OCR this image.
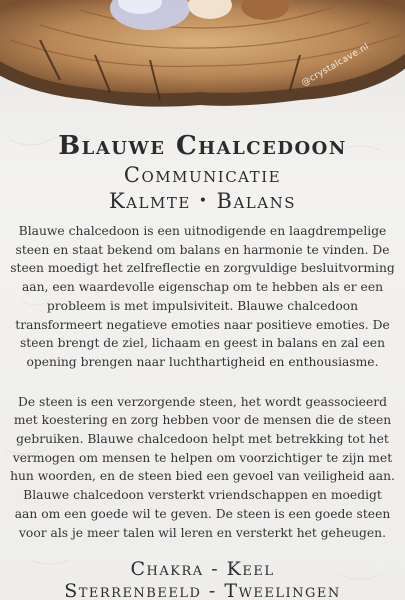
@crystalcave.nl
Blauwe Chalcedoon
Communicatie
Kalmte • Balans

Blauwe chalcedoon is een uitnodigende en laagdrempelige steen en staat bekend om balans en harmonie te vinden. De steen moedigt het zelfreflectie en zorgvuldige besluitvorming aan, een waardevolle eigenschap om te hebben als er een probleem is met impulsiviteit. Blauwe chalcedoon transformeert negatieve emoties naar positieve emoties. De steen brengt de ziel, lichaam en geest in balans en zal een opening brengen naar luchthartigheid en enthousiasme.

De steen is een verzorgende steen, het wordt geassocieerd met koestering en zorg hebben voor de mensen die de steen gebruiken. Blauwe chalcedoon helpt met betrekking tot het vermogen om mensen te helpen om voorzichtiger te zijn met hun woorden, en de steen bied een gevoel van veiligheid aan. Blauwe chalcedoon versterkt vriendschappen en moedigt aan om een goede wil te geven. De steen is een goede steen voor als je meer talen wil leren en versterkt het geheugen.

Chakra - Keel
Sterrenbeeld - Tweelingen
